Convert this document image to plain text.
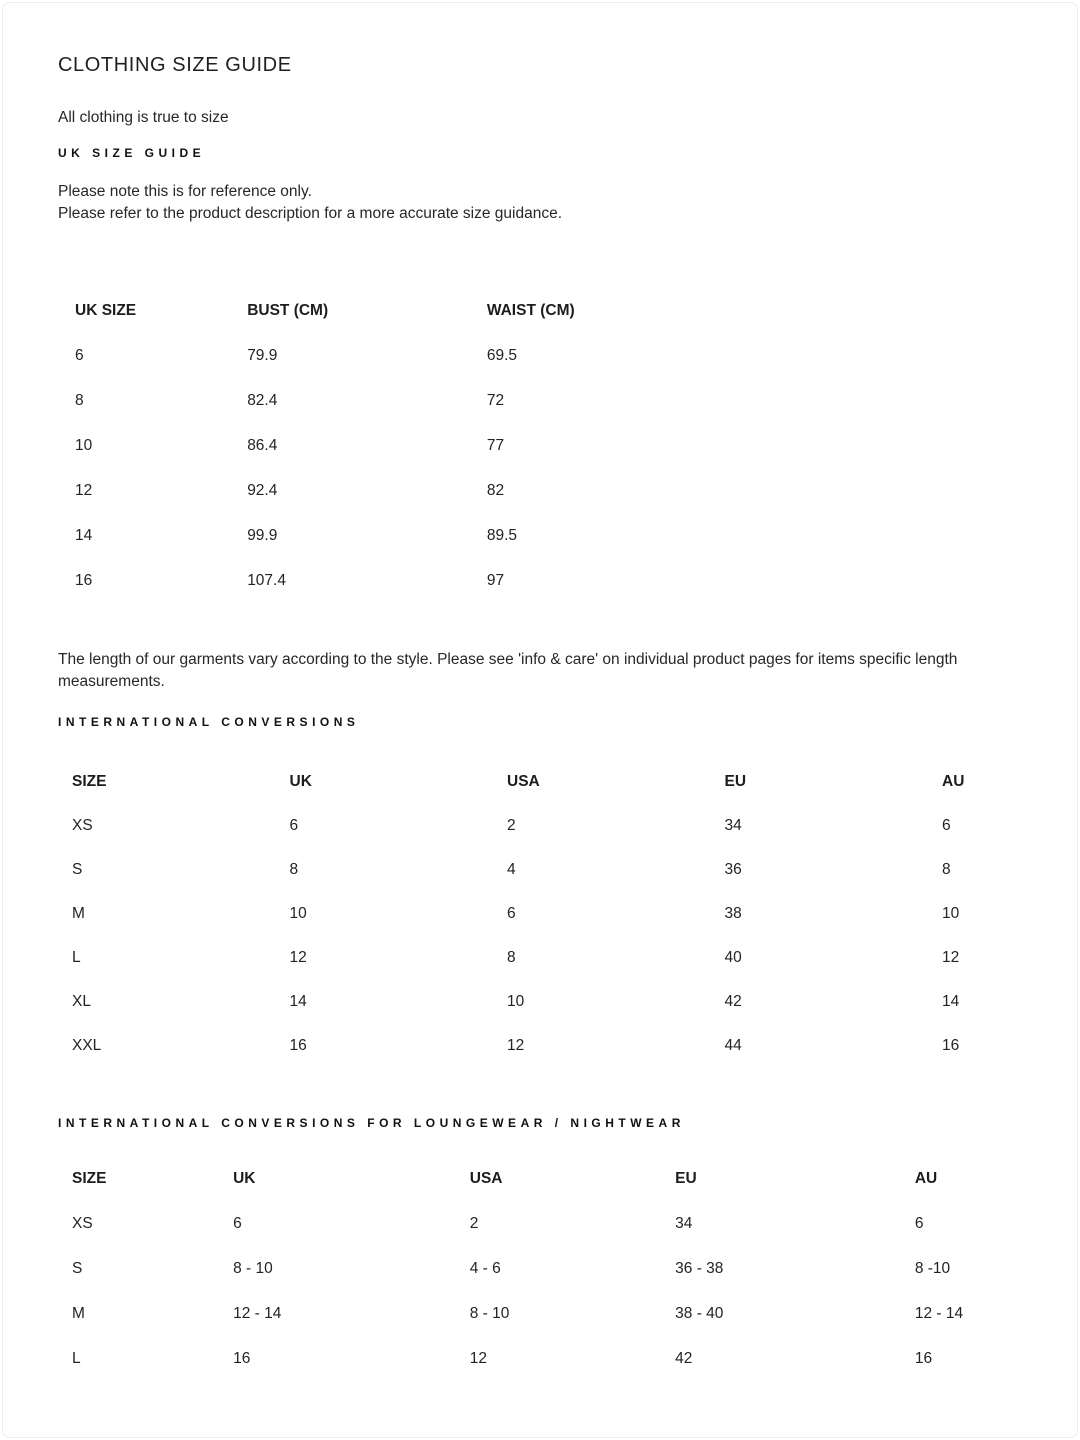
CLOTHING SIZE GUIDE

All clothing is true to size

UK SIZE GUIDE

Please note this is for reference only.
Please refer to the product description for a more accurate size guidance.

UK SIZE	BUST (CM)	WAIST (CM)
6	79.9	69.5
8	82.4	72
10	86.4	77
12	92.4	82
14	99.9	89.5
16	107.4	97

The length of our garments vary according to the style. Please see 'info & care' on individual product pages for items specific length measurements.

INTERNATIONAL CONVERSIONS
SIZE	UK	USA	EU	AU
XS	6	2	34	6
S	8	4	36	8
M	10	6	38	10
L	12	8	40	12
XL	14	10	42	14
XXL	16	12	44	16
INTERNATIONAL CONVERSIONS FOR LOUNGEWEAR / NIGHTWEAR
SIZE	UK	USA	EU	AU
XS	6	2	34	6
S	8 - 10	4 - 6	36 - 38	8 -10
M	12 - 14	8 - 10	38 - 40	12 - 14
L	16	12	42	16
